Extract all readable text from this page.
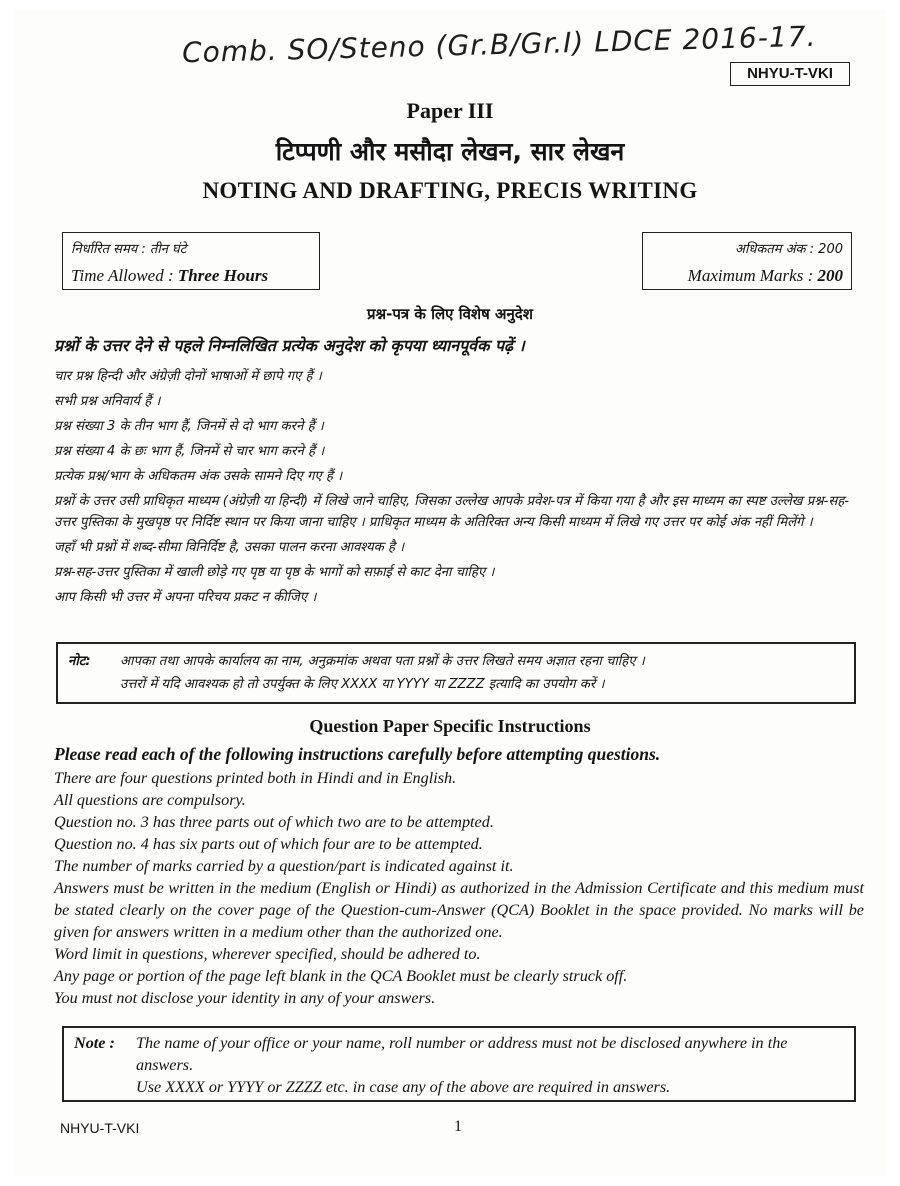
Comb. SO/Steno (Gr.B/Gr.I) LDCE 2016-17.
NHYU-T-VKI
Paper III
टिप्पणी और मसौदा लेखन, सार लेखन
NOTING AND DRAFTING, PRECIS WRITING
निर्धारित समय : तीन घंटे
Time Allowed : Three Hours
अधिकतम अंक : 200
Maximum Marks : 200
प्रश्न-पत्र के लिए विशेष अनुदेश
प्रश्नों के उत्तर देने से पहले निम्नलिखित प्रत्येक अनुदेश को कृपया ध्यानपूर्वक पढ़ें ।

चार प्रश्न हिन्दी और अंग्रेज़ी दोनों भाषाओं में छापे गए हैं ।

सभी प्रश्न अनिवार्य हैं ।

प्रश्न संख्या 3 के तीन भाग हैं, जिनमें से दो भाग करने हैं ।

प्रश्न संख्या 4 के छः भाग हैं, जिनमें से चार भाग करने हैं ।

प्रत्येक प्रश्न/भाग के अधिकतम अंक उसके सामने दिए गए हैं ।

प्रश्नों के उत्तर उसी प्राधिकृत माध्यम (अंग्रेज़ी या हिन्दी) में लिखे जाने चाहिए, जिसका उल्लेख आपके प्रवेश-पत्र में किया गया है और इस माध्यम का स्पष्ट उल्लेख प्रश्न-सह-उत्तर पुस्तिका के मुखपृष्ठ पर निर्दिष्ट स्थान पर किया जाना चाहिए । प्राधिकृत माध्यम के अतिरिक्त अन्य किसी माध्यम में लिखे गए उत्तर पर कोई अंक नहीं मिलेंगे ।

जहाँ भी प्रश्नों में शब्द-सीमा विनिर्दिष्ट है, उसका पालन करना आवश्यक है ।

प्रश्न-सह-उत्तर पुस्तिका में खाली छोड़े गए पृष्ठ या पृष्ठ के भागों को सफ़ाई से काट देना चाहिए ।

आप किसी भी उत्तर में अपना परिचय प्रकट न कीजिए ।

नोट: आपका तथा आपके कार्यालय का नाम, अनुक्रमांक अथवा पता प्रश्नों के उत्तर लिखते समय अज्ञात रहना चाहिए ।
उत्तरों में यदि आवश्यक हो तो उपर्युक्त के लिए XXXX या YYYY या ZZZZ इत्यादि का उपयोग करें ।
Question Paper Specific Instructions
Please read each of the following instructions carefully before attempting questions.

There are four questions printed both in Hindi and in English.

All questions are compulsory.

Question no. 3 has three parts out of which two are to be attempted.

Question no. 4 has six parts out of which four are to be attempted.

The number of marks carried by a question/part is indicated against it.

Answers must be written in the medium (English or Hindi) as authorized in the Admission Certificate and this medium must be stated clearly on the cover page of the Question-cum-Answer (QCA) Booklet in the space provided. No marks will be given for answers written in a medium other than the authorized one.

Word limit in questions, wherever specified, should be adhered to.

Any page or portion of the page left blank in the QCA Booklet must be clearly struck off.

You must not disclose your identity in any of your answers.

Note :	The name of your office or your name, roll number or address must not be disclosed anywhere in the answers.
Use XXXX or YYYY or ZZZZ etc. in case any of the above are required in answers.
NHYU-T-VKI	1
